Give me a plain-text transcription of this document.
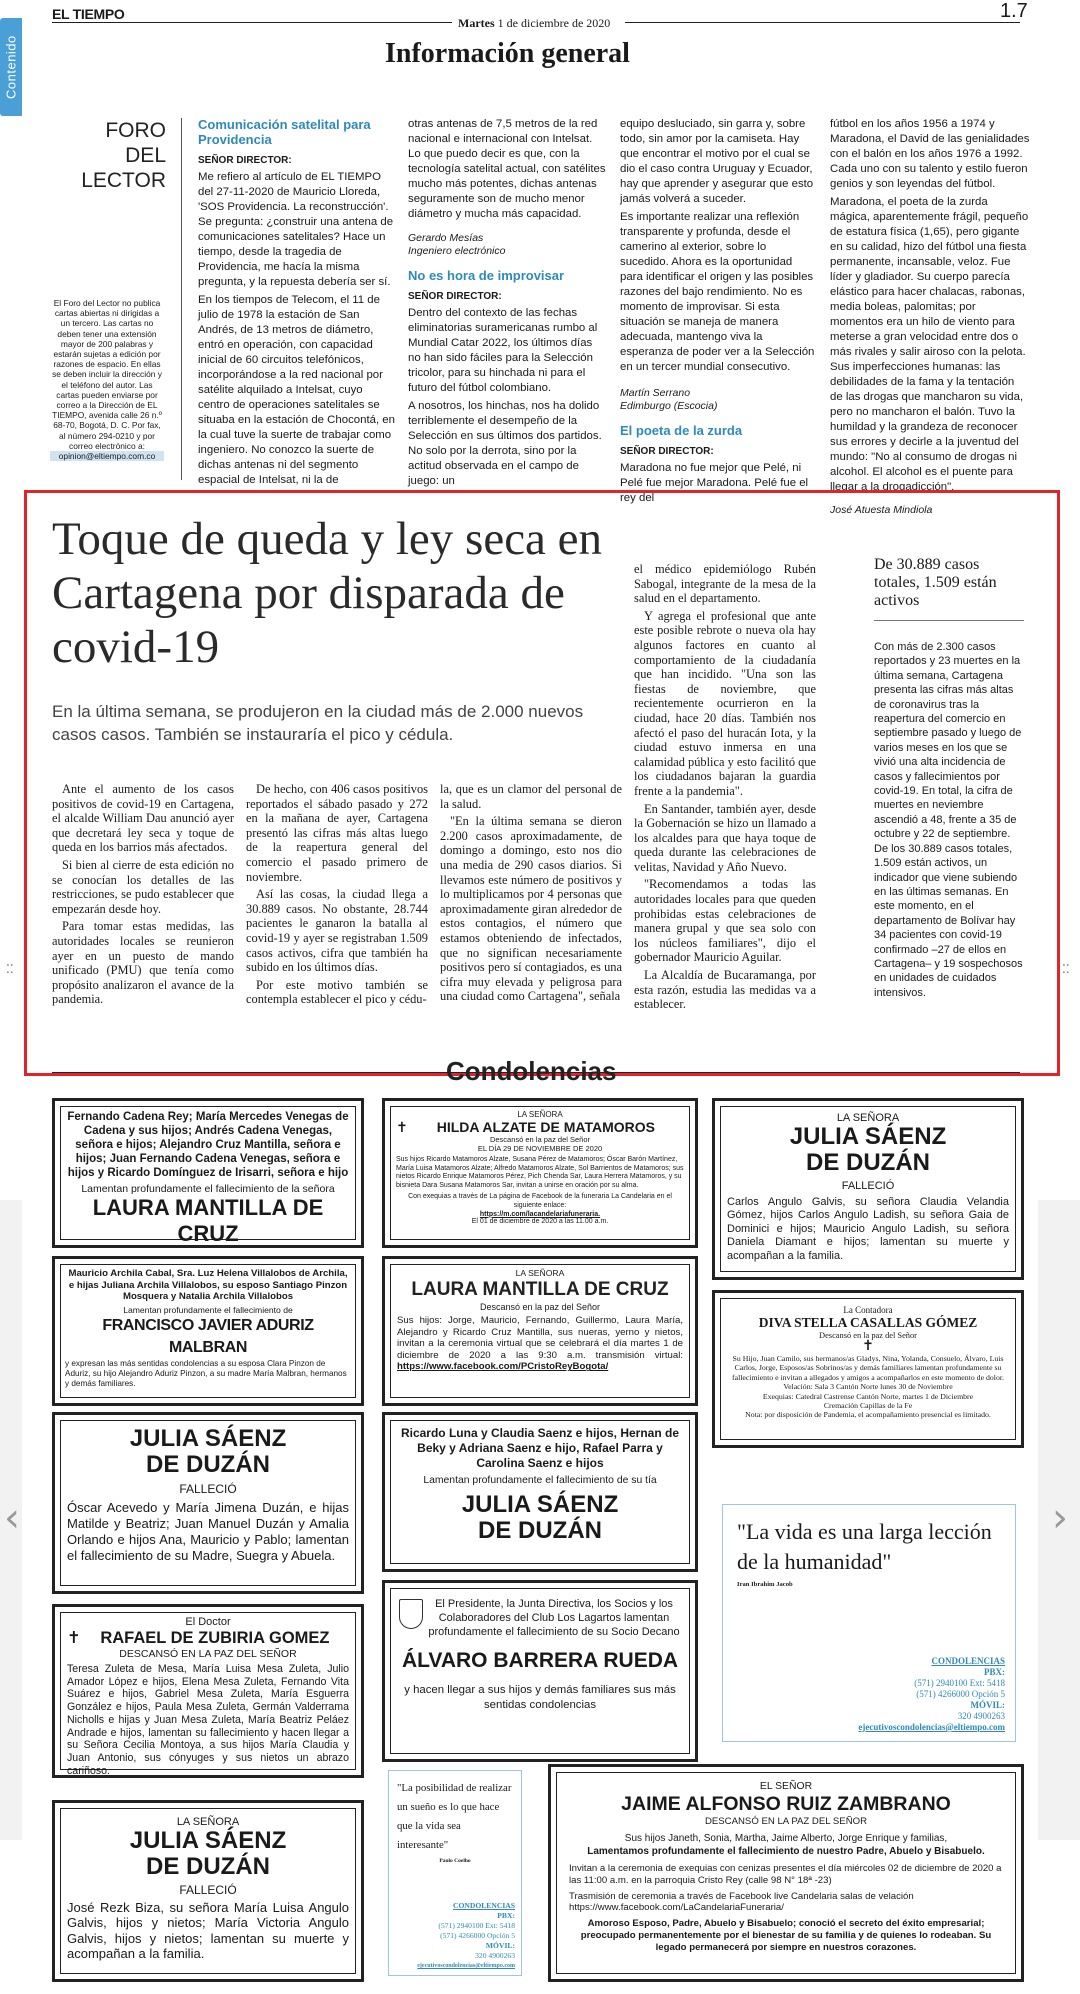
Contenido
‹	›
⁚⁚	⁚⁚
EL TIEMPO
Martes 1 de diciembre de 2020
1.7
Información general
FORO DEL
LECTOR
El Foro del Lector no publica cartas abiertas ni dirigidas a un tercero. Las cartas no deben tener una extensión mayor de 200 palabras y estarán sujetas a edición por razones de espacio. En ellas se deben incluir la dirección y el teléfono del autor. Las cartas pueden enviarse por correo a la Dirección de EL TIEMPO, avenida calle 26 n.º 68-70, Bogotá, D. C. Por fax, al número 294-0210 y por correo electrónico a:
opinion@eltiempo.com.co
Comunicación satelital para Providencia
SEÑOR DIRECTOR:

Me refiero al artículo de EL TIEMPO del 27-11-2020 de Mauricio Lloreda, 'SOS Providencia. La reconstrucción'. Se pregunta: ¿construir una antena de comunicaciones satelitales? Hace un tiempo, desde la tragedia de Providencia, me hacía la misma pregunta, y la repuesta debería ser sí.

En los tiempos de Telecom, el 11 de julio de 1978 la estación de San Andrés, de 13 metros de diámetro, entró en operación, con capacidad inicial de 60 circuitos telefónicos, incorporándose a la red nacional por satélite alquilado a Intelsat, cuyo centro de operaciones satelitales se situaba en la estación de Chocontá, en la cual tuve la suerte de trabajar como ingeniero. No conozco la suerte de dichas antenas ni del segmento espacial de Intelsat, ni la de

otras antenas de 7,5 metros de la red nacional e internacional con Intelsat. Lo que puedo decir es que, con la tecnología satelital actual, con satélites mucho más potentes, dichas antenas seguramente son de mucho menor diámetro y mucha más capacidad.

Gerardo Mesías
Ingeniero electrónico
No es hora de improvisar
SEÑOR DIRECTOR:

Dentro del contexto de las fechas eliminatorias suramericanas rumbo al Mundial Catar 2022, los últimos días no han sido fáciles para la Selección tricolor, para su hinchada ni para el futuro del fútbol colombiano.

A nosotros, los hinchas, nos ha dolido terriblemente el desempeño de la Selección en sus últimos dos partidos. No solo por la derrota, sino por la actitud observada en el campo de juego: un

equipo desluciado, sin garra y, sobre todo, sin amor por la camiseta. Hay que encontrar el motivo por el cual se dio el caso contra Uruguay y Ecuador, hay que aprender y asegurar que esto jamás volverá a suceder.

Es importante realizar una reflexión transparente y profunda, desde el camerino al exterior, sobre lo sucedido. Ahora es la oportunidad para identificar el origen y las posibles razones del bajo rendimiento. No es momento de improvisar. Si esta situación se maneja de manera adecuada, mantengo viva la esperanza de poder ver a la Selección en un tercer mundial consecutivo.

Martín Serrano
Edimburgo (Escocia)
El poeta de la zurda
SEÑOR DIRECTOR:

Maradona no fue mejor que Pelé, ni Pelé fue mejor Maradona. Pelé fue el rey del

fútbol en los años 1956 a 1974 y Maradona, el David de las genialidades con el balón en los años 1976 a 1992. Cada uno con su talento y estilo fueron genios y son leyendas del fútbol.

Maradona, el poeta de la zurda mágica, aparentemente frágil, pequeño de estatura física (1,65), pero gigante en su calidad, hizo del fútbol una fiesta permanente, incansable, veloz. Fue líder y gladiador. Su cuerpo parecía elástico para hacer chalacas, rabonas, media boleas, palomitas; por momentos era un hilo de viento para meterse a gran velocidad entre dos o más rivales y salir airoso con la pelota. Sus imperfecciones humanas: las debilidades de la fama y la tentación de las drogas que mancharon su vida, pero no mancharon el balón. Tuvo la humildad y la grandeza de reconocer sus errores y decirle a la juventud del mundo: "No al consumo de drogas ni alcohol. El alcohol es el puente para llegar a la drogadicción".

José Atuesta Mindiola
Toque de queda y ley seca en Cartagena por disparada de covid-19
En la última semana, se produjeron en la ciudad más de 2.000 nuevos casos casos. También se instauraría el pico y cédula.

Ante el aumento de los casos positivos de covid-19 en Cartagena, el alcalde William Dau anunció ayer que decretará ley seca y toque de queda en los barrios más afectados.

Si bien al cierre de esta edición no se conocían los detalles de las restricciones, se pudo establecer que empezarán desde hoy.

Para tomar estas medidas, las autoridades locales se reunieron ayer en un puesto de mando unificado (PMU) que tenía como propósito analizaron el avance de la pandemia.

De hecho, con 406 casos positivos reportados el sábado pasado y 272 en la mañana de ayer, Cartagena presentó las cifras más altas luego de la reapertura general del comercio el pasado primero de noviembre.

Así las cosas, la ciudad llega a 30.889 casos. No obstante, 28.744 pacientes le ganaron la batalla al covid-19 y ayer se registraban 1.509 casos activos, cifra que también ha subido en los últimos días.

Por este motivo también se contempla establecer el pico y cédu-

la, que es un clamor del personal de la salud.

"En la última semana se dieron 2.200 casos aproximadamente, de domingo a domingo, esto nos dio una media de 290 casos diarios. Si llevamos este número de positivos y lo multiplicamos por 4 personas que aproximadamente giran alrededor de estos contagios, el número que estamos obteniendo de infectados, que no significan necesariamente positivos pero sí contagiados, es una cifra muy elevada y peligrosa para una ciudad como Cartagena", señala

el médico epidemiólogo Rubén Sabogal, integrante de la mesa de la salud en el departamento.

Y agrega el profesional que ante este posible rebrote o nueva ola hay algunos factores en cuanto al comportamiento de la ciudadanía que han incidido. "Una son las fiestas de noviembre, que recientemente ocurrieron en la ciudad, hace 20 días. También nos afectó el paso del huracán Iota, y la ciudad estuvo inmersa en una calamidad pública y esto facilitó que los ciudadanos bajaran la guardia frente a la pandemia".

En Santander, también ayer, desde la Gobernación se hizo un llamado a los alcaldes para que haya toque de queda durante las celebraciones de velitas, Navidad y Año Nuevo.

"Recomendamos a todas las autoridades locales para que queden prohibidas estas celebraciones de manera grupal y que sea solo con los núcleos familiares", dijo el gobernador Mauricio Aguilar.

La Alcaldía de Bucaramanga, por esta razón, estudia las medidas va a establecer.

De 30.889 casos totales, 1.509 están activos
Con más de 2.300 casos reportados y 23 muertes en la última semana, Cartagena presenta las cifras más altas de coronavirus tras la reapertura del comercio en septiembre pasado y luego de varios meses en los que se vivió una alta incidencia de casos y fallecimientos por covid-19. En total, la cifra de muertes en neviembre ascendió a 48, frente a 35 de octubre y 22 de septiembre. De los 30.889 casos totales, 1.509 están activos, un indicador que viene subiendo en las últimas semanas. En este momento, en el departamento de Bolívar hay 34 pacientes con covid-19 confirmado –27 de ellos en Cartagena– y 19 sospechosos en unidades de cuidados intensivos.
Condolencias
Fernando Cadena Rey; María Mercedes Venegas de Cadena y sus hijos; Andrés Cadena Venegas, señora e hijos; Alejandro Cruz Mantilla, señora e hijos; Juan Fernando Cadena Venegas, señora e hijos y Ricardo Domínguez de Irisarri, señora e hijo
Lamentan profundamente el fallecimiento de la señora
LAURA MANTILLA DE CRUZ
LA SEÑORA
✝ HILDA ALZATE DE MATAMOROS
Descansó en la paz del Señor
EL DÍA 29 DE NOVIEMBRE DE 2020
Sus hijos Ricardo Matamoros Alzate, Susana Pérez de Matamoros; Óscar Barón Martínez, María Luisa Matamoros Alzate; Alfredo Matamoros Alzate, Sol Barrientos de Matamoros; sus nietos Ricardo Enrique Matamoros Pérez, Pich Chenda Sar, Laura Herrera Matamoros, y su bisnieta Dara Susana Matamoros Sar, invitan a unirse en oración por su alma.
Con exequias a través de La página de Facebook de la funeraria La Candelaria en el siguiente enlace:
https://m.com/lacandelariafuneraria.
El 01 de diciembre de 2020 a las 11.00 a.m.
LA SEÑORA
JULIA SÁENZ
DE DUZÁN
FALLECIÓ
Carlos Angulo Galvis, su señora Claudia Velandia Gómez, hijos Carlos Angulo Ladish, su señora Gaia de Dominici e hijos; Mauricio Angulo Ladish, su señora Daniela Diamant e hijos; lamentan su muerte y acompañan a la familia.
Mauricio Archila Cabal, Sra. Luz Helena Villalobos de Archila, e hijas Juliana Archila Villalobos, su esposo Santiago Pinzon Mosquera y Natalia Archila Villalobos
Lamentan profundamente el fallecimiento de
FRANCISCO JAVIER ADURIZ MALBRAN
y expresan las más sentidas condolencias a su esposa Clara Pinzon de Aduriz, su hijo Alejandro Aduriz Pinzon, a su madre María Malbran, hermanos y demás familiares.
LA SEÑORA
LAURA MANTILLA DE CRUZ
Descansó en la paz del Señor
Sus hijos: Jorge, Mauricio, Fernando, Guillermo, Laura María, Alejandro y Ricardo Cruz Mantilla, sus nueras, yerno y nietos, invitan a la ceremonia virtual que se celebrará el día martes 1 de diciembre de 2020 a las 9:30 a.m. transmisión virtual: https://www.facebook.com/PCristoReyBogota/
La Contadora
DIVA STELLA CASALLAS GÓMEZ
Descansó en la paz del Señor
✝
Su Hijo, Juan Camilo, sus hermanos/as Gladys, Nina, Yolanda, Consuelo, Álvaro, Luis Carlos, Jorge, Esposos/as Sobrinos/as y demás familiares lamentan profundamente su fallecimiento e invitan a allegados y amigos a acompañarlos en este momento de dolor.
Velación: Sala 3 Cantón Norte lunes 30 de Noviembre
Exequias: Catedral Castrense Cantón Norte, martes 1 de Diciembre
Cremación Capillas de la Fe
Nota: por disposición de Pandemia, el acompañamiento presencial es limitado.
JULIA SÁENZ
DE DUZÁN
FALLECIÓ
Óscar Acevedo y María Jimena Duzán, e hijas Matilde y Beatriz; Juan Manuel Duzán y Amalia Orlando e hijos Ana, Mauricio y Pablo; lamentan el fallecimiento de su Madre, Suegra y Abuela.
Ricardo Luna y Claudia Saenz e hijos, Hernan de Beky y Adriana Saenz e hijo, Rafael Parra y Carolina Saenz e hijos
Lamentan profundamente el fallecimiento de su tía
JULIA SÁENZ
DE DUZÁN	"La vida es una larga lección de la humanidad"
Iran Ibrahim Jacob
CONDOLENCIAS
PBX:
(571) 2940100 Ext: 5418
(571) 4266000 Opción 5
MÓVIL:
320 4900263
ejecutivoscondolencias@eltiempo.com
El Presidente, la Junta Directiva, los Socios y los Colaboradores del Club Los Lagartos lamentan profundamente el fallecimiento de su Socio Decano
ÁLVARO BARRERA RUEDA
y hacen llegar a sus hijos y demás familiares sus más sentidas condolencias
El Doctor
✝ RAFAEL DE ZUBIRIA GOMEZ
DESCANSÓ EN LA PAZ DEL SEÑOR
Teresa Zuleta de Mesa, María Luisa Mesa Zuleta, Julio Amador López e hijos, Elena Mesa Zuleta, Fernando Vita Suárez e hijos, Gabriel Mesa Zuleta, María Esguerra González e hijos, Paula Mesa Zuleta, Germán Valderrama Nicholls e hijas y Juan Mesa Zuleta, María Beatriz Peláez Andrade e hijos, lamentan su fallecimiento y hacen llegar a su Señora Cecilia Montoya, a sus hijos María Claudia y Juan Antonio, sus cónyuges y sus nietos un abrazo cariñoso.
"La posibilidad de realizar un sueño es lo que hace que la vida sea interesante"
Paulo Coelho
CONDOLENCIAS
PBX:
(571) 2940100 Ext: 5418
(571) 4266000 Opción 5
MÓVIL:
320 4900263
ejecutivoscondolencias@eltiempo.com
LA SEÑORA
JULIA SÁENZ
DE DUZÁN
FALLECIÓ
José Rezk Biza, su señora María Luisa Angulo Galvis, hijos y nietos; María Victoria Angulo Galvis, hijos y nietos; lamentan su muerte y acompañan a la familia.
EL SEÑOR
JAIME ALFONSO RUIZ ZAMBRANO
DESCANSÓ EN LA PAZ DEL SEÑOR
Sus hijos Janeth, Sonia, Martha, Jaime Alberto, Jorge Enrique y familias,
Lamentamos profundamente el fallecimiento de nuestro Padre, Abuelo y Bisabuelo.
Invitan a la ceremonia de exequias con cenizas presentes el día miércoles 02 de diciembre de 2020 a las 11:00 a.m. en la parroquia Cristo Rey (calle 98 N° 18ª -23)
Trasmisión de ceremonia a través de Facebook live Candelaria salas de velación https://www.facebook.com/LaCandelariaFuneraria/
Amoroso Esposo, Padre, Abuelo y Bisabuelo; conoció el secreto del éxito empresarial; preocupado permanentemente por el bienestar de su familia y de quienes lo rodeaban. Su legado permanecerá por siempre en nuestros corazones.
